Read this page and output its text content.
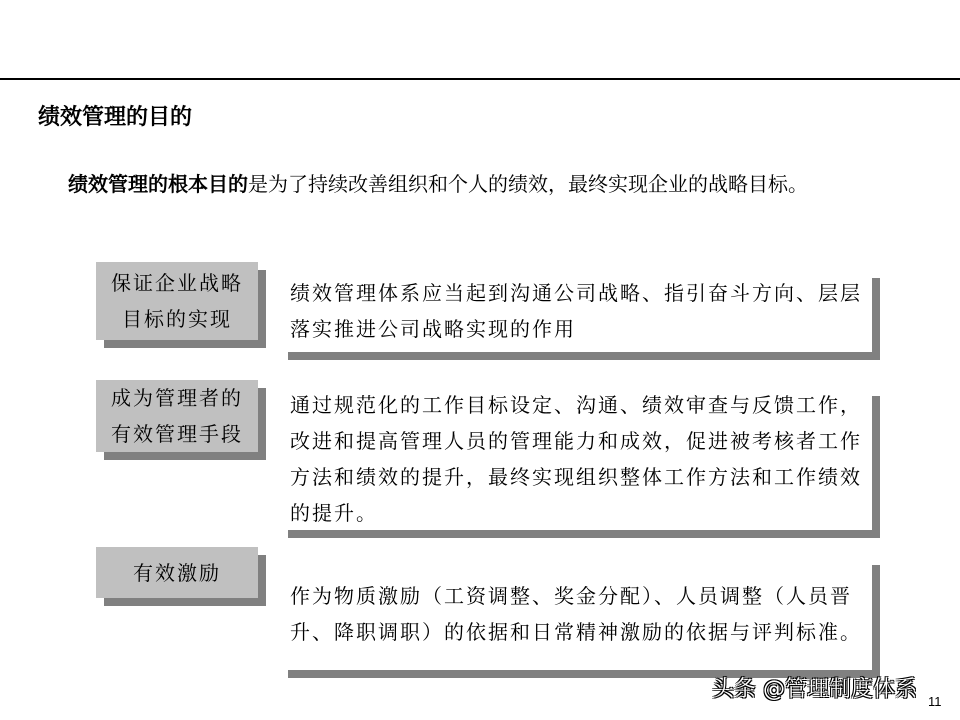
绩效管理的目的
绩效管理的根本目的是为了持续改善组织和个人的绩效，最终实现企业的战略目标。
保证企业战略目标的实现
绩效管理体系应当起到沟通公司战略、指引奋斗方向、层层落实推进公司战略实现的作用
成为管理者的有效管理手段
通过规范化的工作目标设定、沟通、绩效审查与反馈工作，改进和提高管理人员的管理能力和成效，促进被考核者工作方法和绩效的提升，最终实现组织整体工作方法和工作绩效的提升。
有效激励
作为物质激励（工资调整、奖金分配）、人员调整（人员晋升、降职调职）的依据和日常精神激励的依据与评判标准。
头条 @管理制度体系 11
